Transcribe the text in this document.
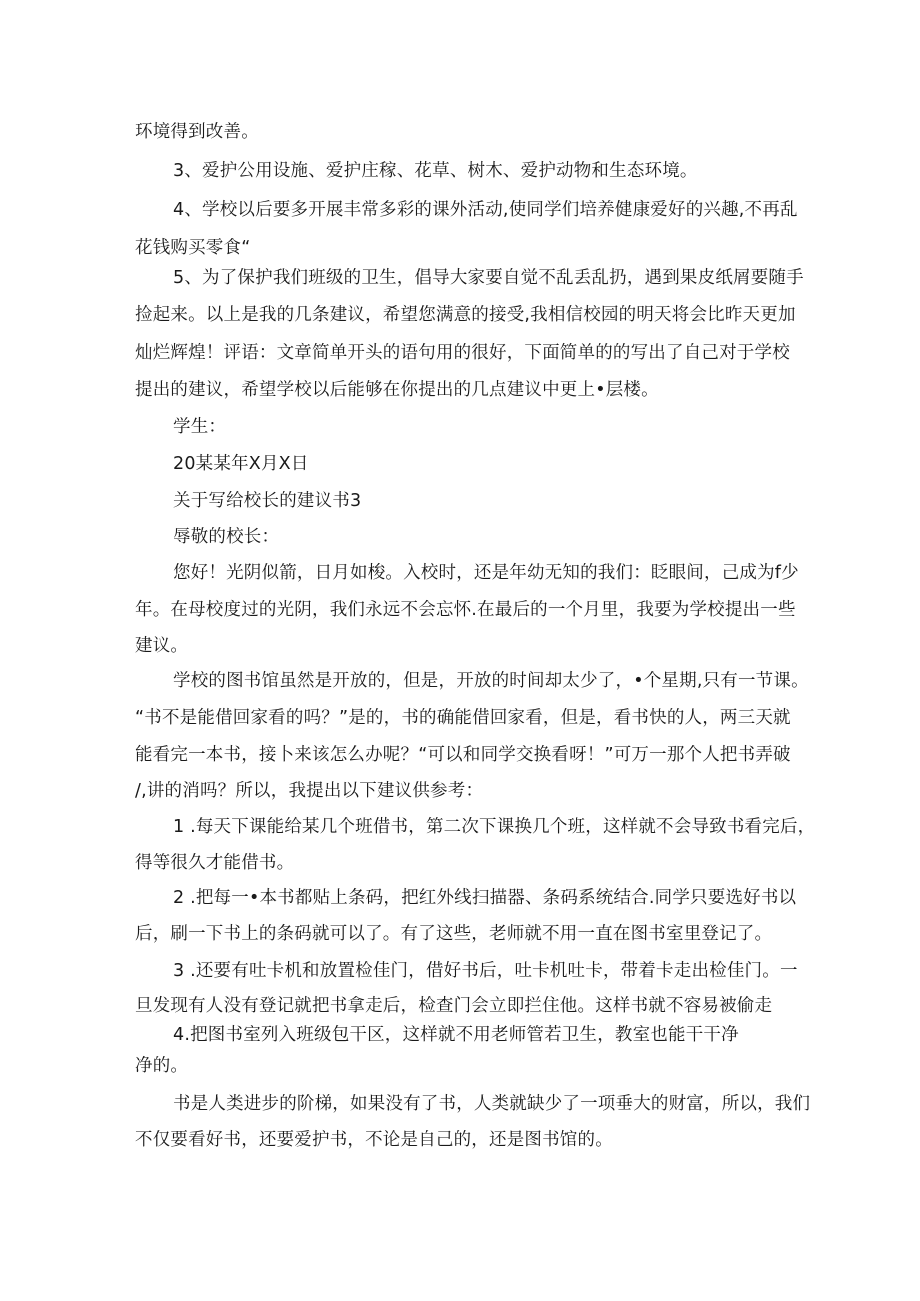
环境得到改善。
3、爱护公用设施、爱护庄稼、花草、树木、爱护动物和生态环境。
4、学校以后要多开展丰常多彩的课外活动,使同学们培养健康爱好的兴趣,不再乱
花钱购买零食“
5、为了保护我们班级的卫生，倡导大家要自觉不乱丢乱扔，遇到果皮纸屑要随手
捡起来。以上是我的几条建议，希望您满意的接受,我相信校园的明天将会比昨天更加
灿烂辉煌！评语：文章简单开头的语句用的很好，下面简单的的写出了自己对于学校
提出的建议，希望学校以后能够在你提出的几点建议中更上•层楼。
学生：
20某某年X月X日
关于写给校长的建议书3
辱敬的校长：
您好！光阴似箭，日月如梭。入校时，还是年幼无知的我们：眨眼间，己成为f少
年。在母校度过的光阴，我们永远不会忘怀.在最后的一个月里，我要为学校提出一些
建议。
学校的图书馆虽然是开放的，但是，开放的时间却太少了，•个星期,只有一节课。
“书不是能借回家看的吗？”是的，书的确能借回家看，但是，看书快的人，两三天就
能看完一本书，接卜来该怎么办呢？“可以和同学交换看呀！”可万一那个人把书弄破
/,讲的消吗？所以，我提出以下建议供参考：
1 .每天下课能给某几个班借书，第二次下课换几个班，这样就不会导致书看完后，
得等很久才能借书。
2 .把每一•本书都贴上条码，把红外线扫描器、条码系统结合.同学只要选好书以
后，刷一下书上的条码就可以了。有了这些，老师就不用一直在图书室里登记了。
3 .还要有吐卡机和放置检佳门，借好书后，吐卡机吐卡，带着卡走出检佳门。一
旦发现有人没有登记就把书拿走后，检查门会立即拦住他。这样书就不容易被偷走
4.把图书室列入班级包干区，这样就不用老师管若卫生，教室也能干干净
净的。
书是人类进步的阶梯，如果没有了书，人类就缺少了一项垂大的财富，所以，我们
不仅要看好书，还要爱护书，不论是自己的，还是图书馆的。
